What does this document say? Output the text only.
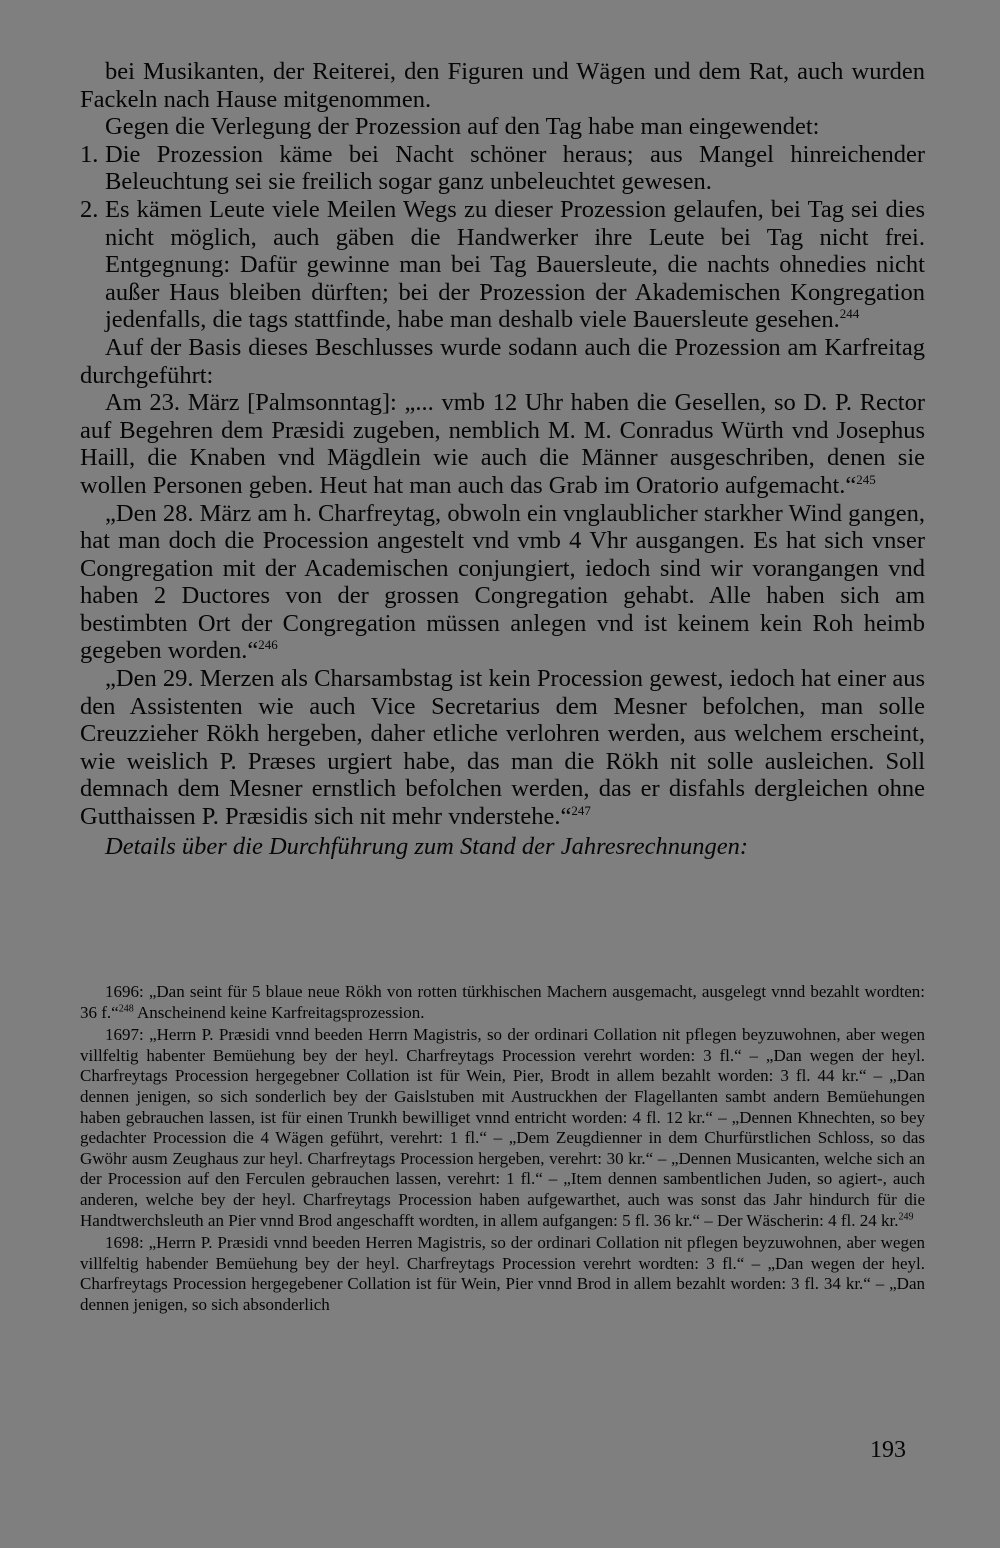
bei Musikanten, der Reiterei, den Figuren und Wägen und dem Rat, auch wurden Fackeln nach Hause mitgenommen.

Gegen die Verlegung der Prozession auf den Tag habe man eingewendet:

1. Die Prozession käme bei Nacht schöner heraus; aus Mangel hinreichender Beleuchtung sei sie freilich sogar ganz unbeleuchtet gewesen.

2. Es kämen Leute viele Meilen Wegs zu dieser Prozession gelaufen, bei Tag sei dies nicht möglich, auch gäben die Handwerker ihre Leute bei Tag nicht frei. Entgegnung: Dafür gewinne man bei Tag Bauersleute, die nachts ohnedies nicht außer Haus bleiben dürften; bei der Prozession der Akademischen Kongregation jedenfalls, die tags stattfinde, habe man deshalb viele Bauersleute gesehen.$^{244}$

Auf der Basis dieses Beschlusses wurde sodann auch die Prozession am Karfreitag durchgeführt:

Am 23. März [Palmsonntag]: „... vmb 12 Uhr haben die Gesellen, so D. P. Rector auf Begehren dem Præsidi zugeben, nemblich M. M. Conradus Würth vnd Josephus Haill, die Knaben vnd Mägdlein wie auch die Männer ausgeschriben, denen sie wollen Personen geben. Heut hat man auch das Grab im Oratorio aufgemacht.“$^{245}$

„Den 28. März am h. Charfreytag, obwoln ein vnglaublicher starkher Wind gangen, hat man doch die Procession angestelt vnd vmb 4 Vhr ausgangen. Es hat sich vnser Congregation mit der Academischen conjungiert, iedoch sind wir vorangangen vnd haben 2 Ductores von der grossen Congregation gehabt. Alle haben sich am bestimbten Ort der Congregation müssen anlegen vnd ist keinem kein Roh heimb gegeben worden.“$^{246}$

„Den 29. Merzen als Charsambstag ist kein Procession gewest, iedoch hat einer aus den Assistenten wie auch Vice Secretarius dem Mesner befolchen, man solle Creuzzieher Rökh hergeben, daher etliche verlohren werden, aus welchem erscheint, wie weislich P. Præses urgiert habe, das man die Rökh nit solle ausleichen. Soll demnach dem Mesner ernstlich befolchen werden, das er disfahls dergleichen ohne Gutthaissen P. Præsidis sich nit mehr vnderstehe.“$^{247}$

Details über die Durchführung zum Stand der Jahresrechnungen:

1696: „Dan seint für 5 blaue neue Rökh von rotten türkhischen Machern ausgemacht, ausgelegt vnnd bezahlt wordten: 36 f.“$^{248}$ Anscheinend keine Karfreitagsprozession.

1697: „Herrn P. Præsidi vnnd beeden Herrn Magistris, so der ordinari Collation nit pflegen beyzuwohnen, aber wegen villfeltig habenter Bemüehung bey der heyl. Charfreytags Procession verehrt worden: 3 fl.“ – „Dan wegen der heyl. Charfreytags Procession hergegebner Collation ist für Wein, Pier, Brodt in allem bezahlt worden: 3 fl. 44 kr.“ – „Dan dennen jenigen, so sich sonderlich bey der Gaislstuben mit Austruckhen der Flagellanten sambt andern Bemüehungen haben gebrauchen lassen, ist für einen Trunkh bewilliget vnnd entricht worden: 4 fl. 12 kr.“ – „Dennen Khnechten, so bey gedachter Procession die 4 Wägen geführt, verehrt: 1 fl.“ – „Dem Zeugdienner in dem Churfürstlichen Schloss, so das Gwöhr ausm Zeughaus zur heyl. Charfreytags Procession hergeben, verehrt: 30 kr.“ – „Dennen Musicanten, welche sich an der Procession auf den Ferculen gebrauchen lassen, verehrt: 1 fl.“ – „Item dennen sambentlichen Juden, so agiert-, auch anderen, welche bey der heyl. Charfreytags Procession haben aufgewarthet, auch was sonst das Jahr hindurch für die Handtwerchsleuth an Pier vnnd Brod angeschafft wordten, in allem aufgangen: 5 fl. 36 kr.“ – Der Wäscherin: 4 fl. 24 kr.$^{249}$

1698: „Herrn P. Præsidi vnnd beeden Herren Magistris, so der ordinari Collation nit pflegen beyzuwohnen, aber wegen villfeltig habender Bemüehung bey der heyl. Charfreytags Procession verehrt wordten: 3 fl.“ – „Dan wegen der heyl. Charfreytags Procession hergegebener Collation ist für Wein, Pier vnnd Brod in allem bezahlt worden: 3 fl. 34 kr.“ – „Dan dennen jenigen, so sich absonderlich

193
